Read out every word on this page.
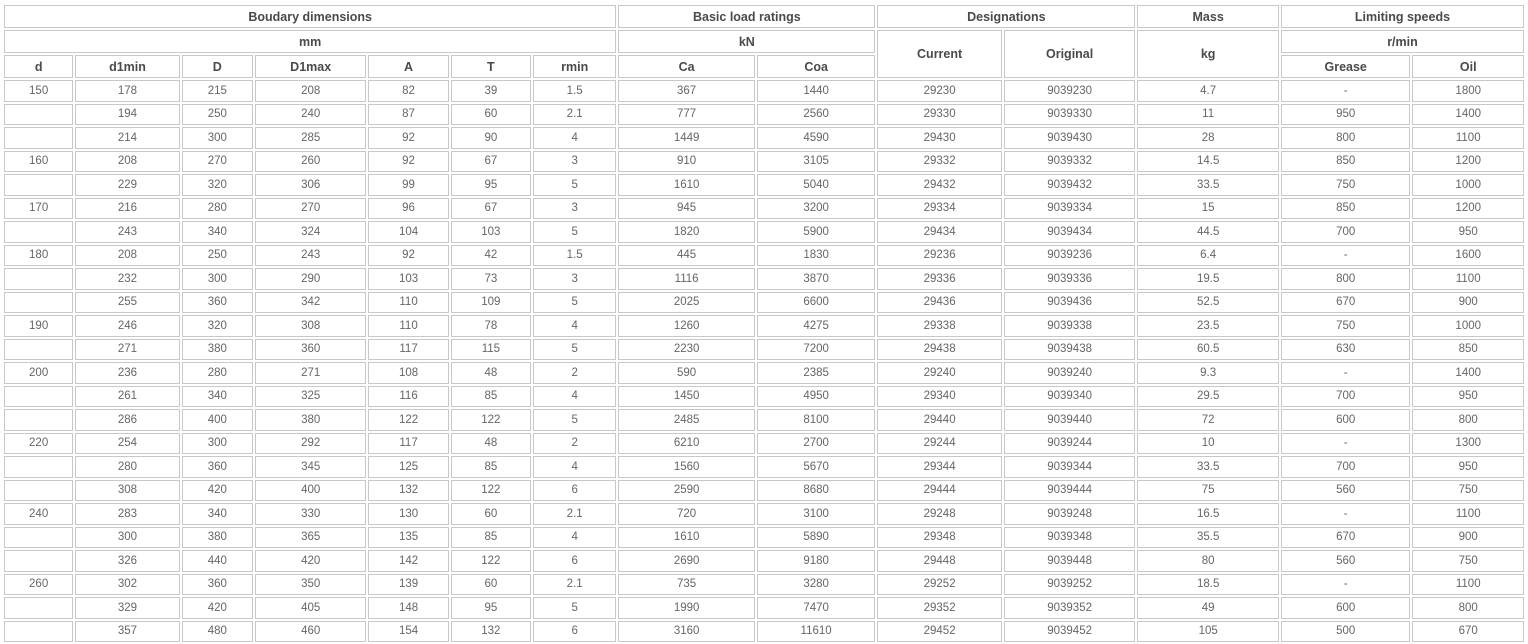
Boudary dimensions							Basic load ratings		Designations		Mass	Limiting speeds	
mm							kN		Current	Original	kg	r/min	
d	d1min	D	D1max	A	T	rmin	Ca	Coa				Grease	Oil
150	178	215	208	82	39	1.5	367	1440	29230	9039230	4.7	-	1800
	194	250	240	87	60	2.1	777	2560	29330	9039330	11	950	1400
	214	300	285	92	90	4	1449	4590	29430	9039430	28	800	1100
160	208	270	260	92	67	3	910	3105	29332	9039332	14.5	850	1200
	229	320	306	99	95	5	1610	5040	29432	9039432	33.5	750	1000
170	216	280	270	96	67	3	945	3200	29334	9039334	15	850	1200
	243	340	324	104	103	5	1820	5900	29434	9039434	44.5	700	950
180	208	250	243	92	42	1.5	445	1830	29236	9039236	6.4	-	1600
	232	300	290	103	73	3	1116	3870	29336	9039336	19.5	800	1100
	255	360	342	110	109	5	2025	6600	29436	9039436	52.5	670	900
190	246	320	308	110	78	4	1260	4275	29338	9039338	23.5	750	1000
	271	380	360	117	115	5	2230	7200	29438	9039438	60.5	630	850
200	236	280	271	108	48	2	590	2385	29240	9039240	9.3	-	1400
	261	340	325	116	85	4	1450	4950	29340	9039340	29.5	700	950
	286	400	380	122	122	5	2485	8100	29440	9039440	72	600	800
220	254	300	292	117	48	2	6210	2700	29244	9039244	10	-	1300
	280	360	345	125	85	4	1560	5670	29344	9039344	33.5	700	950
	308	420	400	132	122	6	2590	8680	29444	9039444	75	560	750
240	283	340	330	130	60	2.1	720	3100	29248	9039248	16.5	-	1100
	300	380	365	135	85	4	1610	5890	29348	9039348	35.5	670	900
	326	440	420	142	122	6	2690	9180	29448	9039448	80	560	750
260	302	360	350	139	60	2.1	735	3280	29252	9039252	18.5	-	1100
	329	420	405	148	95	5	1990	7470	29352	9039352	49	600	800
	357	480	460	154	132	6	3160	11610	29452	9039452	105	500	670
